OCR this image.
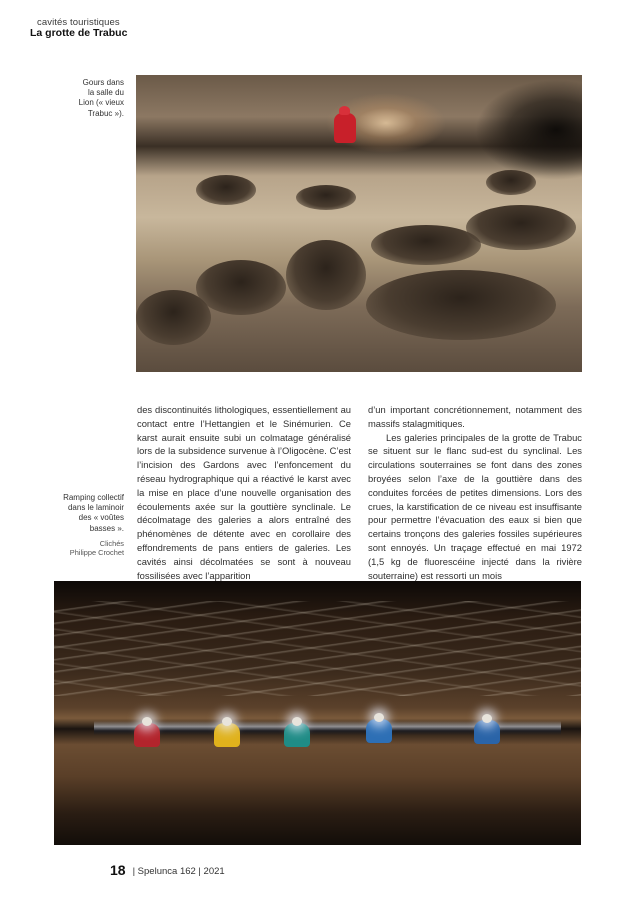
cavités touristiques
La grotte de Trabuc
Gours dans
la salle du
Lion (« vieux
Trabuc »).

des discontinuités lithologiques, essentiellement au contact entre l’Hettangien et le Sinémurien. Ce karst aurait ensuite subi un colmatage généralisé lors de la subsidence survenue à l’Oligocène. C’est l’incision des Gardons avec l’enfoncement du réseau hydrographique qui a réactivé le karst avec la mise en place d’une nouvelle organisation des écoulements axée sur la gouttière synclinale. Le décolmatage des galeries a alors entraîné des phénomènes de détente avec en corollaire des effondrements de pans entiers de galeries. Les cavités ainsi décolmatées se sont à nouveau fossilisées avec l’apparition

d’un important concrétionnement, notamment des massifs stalagmitiques.

Les galeries principales de la grotte de Trabuc se situent sur le flanc sud-est du synclinal. Les circulations souterraines se font dans des zones broyées selon l’axe de la gouttière dans des conduites forcées de petites dimensions. Lors des crues, la karstification de ce niveau est insuffisante pour permettre l’évacuation des eaux si bien que certains tronçons des galeries fossiles supérieures sont ennoyés. Un traçage effectué en mai 1972 (1,5 kg de fluorescéine injecté dans la rivière souterraine) est ressorti un mois

Ramping collectif
dans le laminoir
des « voûtes
basses ».
Clichés
Philippe Crochet
18 | Spelunca 162 | 2021
